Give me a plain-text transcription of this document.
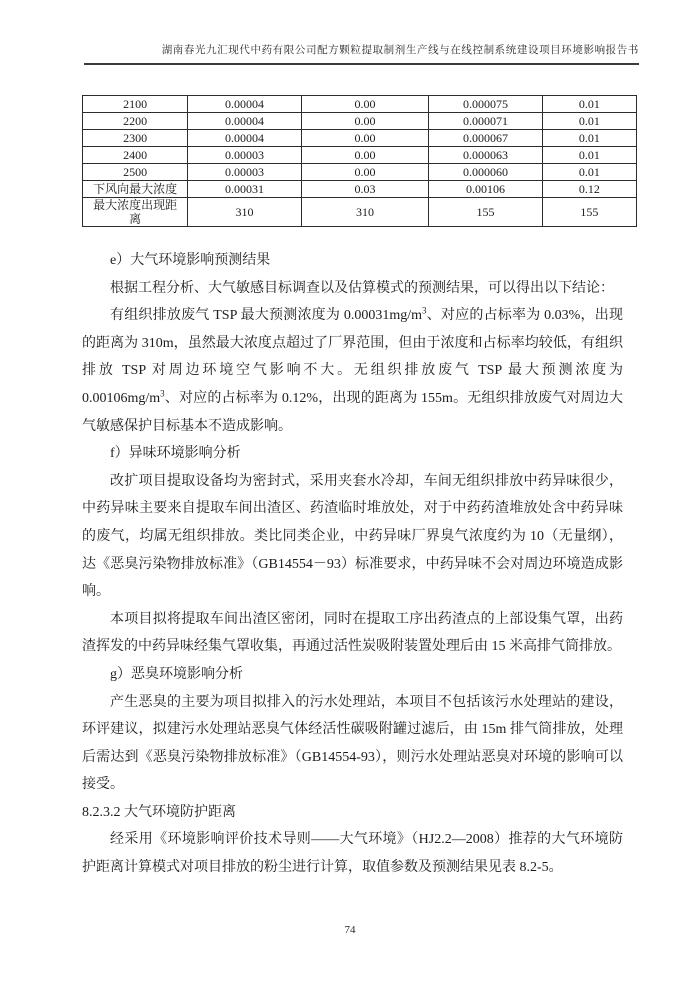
湖南春光九汇现代中药有限公司配方颗粒提取制剂生产线与在线控制系统建设项目环境影响报告书
2100	0.00004	0.00	0.000075	0.01
2200	0.00004	0.00	0.000071	0.01
2300	0.00004	0.00	0.000067	0.01
2400	0.00003	0.00	0.000063	0.01
2500	0.00003	0.00	0.000060	0.01
下风向最大浓度	0.00031	0.03	0.00106	0.12
最大浓度出现距离	310	310	155	155

e）大气环境影响预测结果

根据工程分析、大气敏感目标调查以及估算模式的预测结果，可以得出以下结论：

有组织排放废气 TSP 最大预测浓度为 $0.00031mg/m^3$、对应的占标率为 0.03%，出现的距离为 310m，虽然最大浓度点超过了厂界范围，但由于浓度和占标率均较低，有组织排放 TSP 对周边环境空气影响不大。无组织排放废气 TSP 最大预测浓度为 $0.00106mg/m^3$、对应的占标率为 0.12%，出现的距离为 155m。无组织排放废气对周边大气敏感保护目标基本不造成影响。

f）异味环境影响分析

改扩项目提取设备均为密封式，采用夹套水冷却，车间无组织排放中药异味很少，中药异味主要来自提取车间出渣区、药渣临时堆放处，对于中药药渣堆放处含中药异味的废气，均属无组织排放。类比同类企业，中药异味厂界臭气浓度约为 10（无量纲），达《恶臭污染物排放标准》（GB14554－93）标准要求，中药异味不会对周边环境造成影响。

本项目拟将提取车间出渣区密闭，同时在提取工序出药渣点的上部设集气罩，出药渣挥发的中药异味经集气罩收集，再通过活性炭吸附装置处理后由 15 米高排气筒排放。

g）恶臭环境影响分析

产生恶臭的主要为项目拟排入的污水处理站，本项目不包括该污水处理站的建设，环评建议，拟建污水处理站恶臭气体经活性碳吸附罐过滤后，由 15m 排气筒排放，处理后需达到《恶臭污染物排放标准》（GB14554-93），则污水处理站恶臭对环境的影响可以接受。

8.2.3.2 大气环境防护距离

经采用《环境影响评价技术导则——大气环境》（HJ2.2—2008）推荐的大气环境防护距离计算模式对项目排放的粉尘进行计算，取值参数及预测结果见表 8.2-5。

74
